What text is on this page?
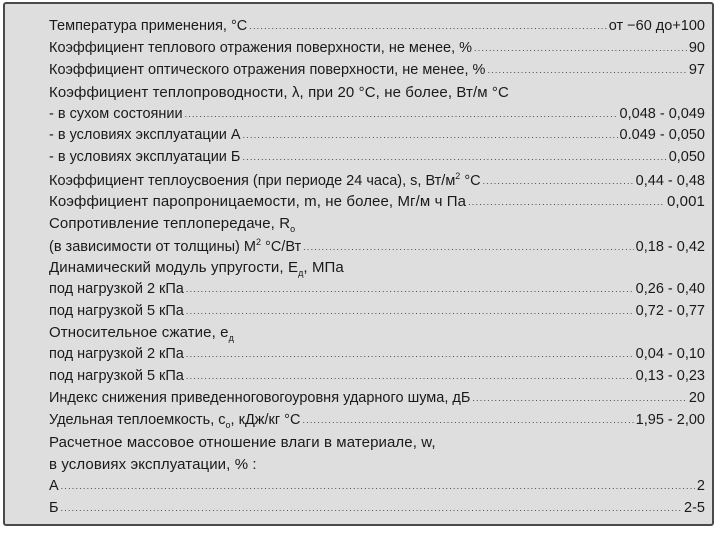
Температура применения, °С .....	от −60 до+100
Коэффициент теплового отражения поверхности, не менее, % .....	90
Коэффициент оптического отражения поверхности, не менее, % .....	97
Коэффициент теплопроводности, λ, при 20 °С, не более, Вт/м °С
- в сухом состоянии .....	0,048 - 0,049
- в условиях эксплуатации А .....	0.049 - 0,050
- в условиях эксплуатации Б .....	0,050
Коэффициент теплоусвоения (при периоде 24 часа), s, $Вт/м^2$ °С .....	0,44 - 0,48
Коэффициент паропроницаемости, m, не более, Мг/м ч Па .....	0,001
Сопротивление теплопередаче, $R_о$
(в зависимости от толщины) $М^2$ °С/Вт .....	0,18 - 0,42
Динамический модуль упругости, $Е_д$, МПа
под нагрузкой 2 кПа .....	0,26 - 0,40
под нагрузкой 5 кПа .....	0,72 - 0,77
Относительное сжатие, $е_д$
под нагрузкой 2 кПа .....	0,04 - 0,10
под нагрузкой 5 кПа .....	0,13 - 0,23
Индекс снижения приведенноговогоуровня ударного шума, дБ .....	20
Удельная теплоемкость, $с_о$, кДж/кг °С .....	1,95 - 2,00
Расчетное массовое отношение влаги в материале, w,
в условиях эксплуатации, % :
А .....	2
Б .....	2-5
